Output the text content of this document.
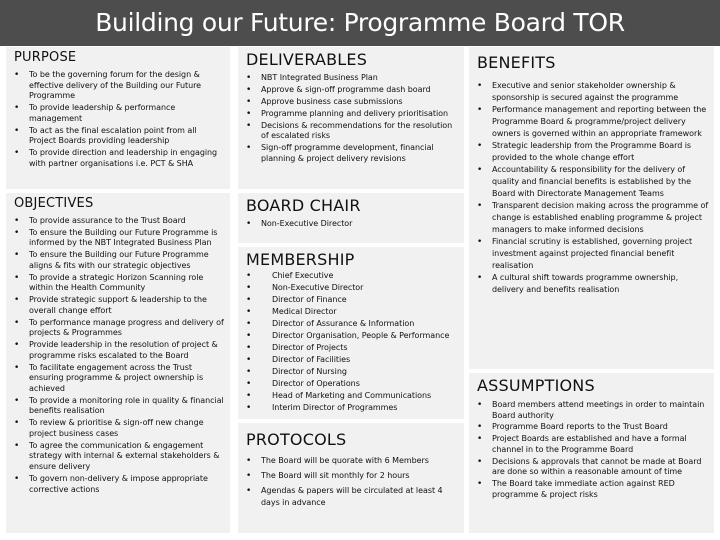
Building our Future: Programme Board TOR
PURPOSE
• To be the governing forum for the design & effective delivery of the Building our Future Programme
• To provide leadership & performance management
• To act as the final escalation point from all Project Boards providing leadership
• To provide direction and leadership in engaging with partner organisations i.e. PCT & SHA
OBJECTIVES
• To provide assurance to the Trust Board
• To ensure the Building our Future Programme is informed by the NBT Integrated Business Plan
• To ensure the Building our Future Programme aligns & fits with our strategic objectives
• To provide a strategic Horizon Scanning role within the Health Community
• Provide strategic support & leadership to the overall change effort
• To performance manage progress and delivery of projects & Programmes
• Provide leadership in the resolution of project & programme risks escalated to the Board
• To facilitate engagement across the Trust ensuring programme & project ownership is achieved
• To provide a monitoring role in quality & financial benefits realisation
• To review & prioritise & sign-off new change project business cases
• To agree the communication & engagement strategy with internal & external stakeholders & ensure delivery
• To govern non-delivery & impose appropriate corrective actions
DELIVERABLES
• NBT Integrated Business Plan
• Approve & sign-off programme dash board
• Approve business case submissions
• Programme planning and delivery prioritisation
• Decisions & recommendations for the resolution of escalated risks
• Sign-off programme development, financial planning & project delivery revisions
BOARD CHAIR
• Non-Executive Director
MEMBERSHIP
• Chief Executive
• Non-Executive Director
• Director of Finance
• Medical Director
• Director of Assurance & Information
• Director Organisation, People & Performance
• Director of Projects
• Director of Facilities
• Director of Nursing
• Director of Operations
• Head of Marketing and Communications
• Interim Director of Programmes
PROTOCOLS
• The Board will be quorate with 6 Members
• The Board will sit monthly for 2 hours
• Agendas & papers will be circulated at least 4 days in advance
BENEFITS
• Executive and senior stakeholder ownership & sponsorship is secured against the programme
• Performance management and reporting between the Programme Board & programme/project delivery owners is governed within an appropriate framework
• Strategic leadership from the Programme Board is provided to the whole change effort
• Accountability & responsibility for the delivery of quality and financial benefits is established by the Board with Directorate Management Teams
• Transparent decision making across the programme of change is established enabling programme & project managers to make informed decisions
• Financial scrutiny is established, governing project investment against projected financial benefit realisation
• A cultural shift towards programme ownership, delivery and benefits realisation
ASSUMPTIONS
• Board members attend meetings in order to maintain Board authority
• Programme Board reports to the Trust Board
• Project Boards are established and have a formal channel in to the Programme Board
• Decisions & approvals that cannot be made at Board are done so within a reasonable amount of time
• The Board take immediate action against RED programme & project risks
